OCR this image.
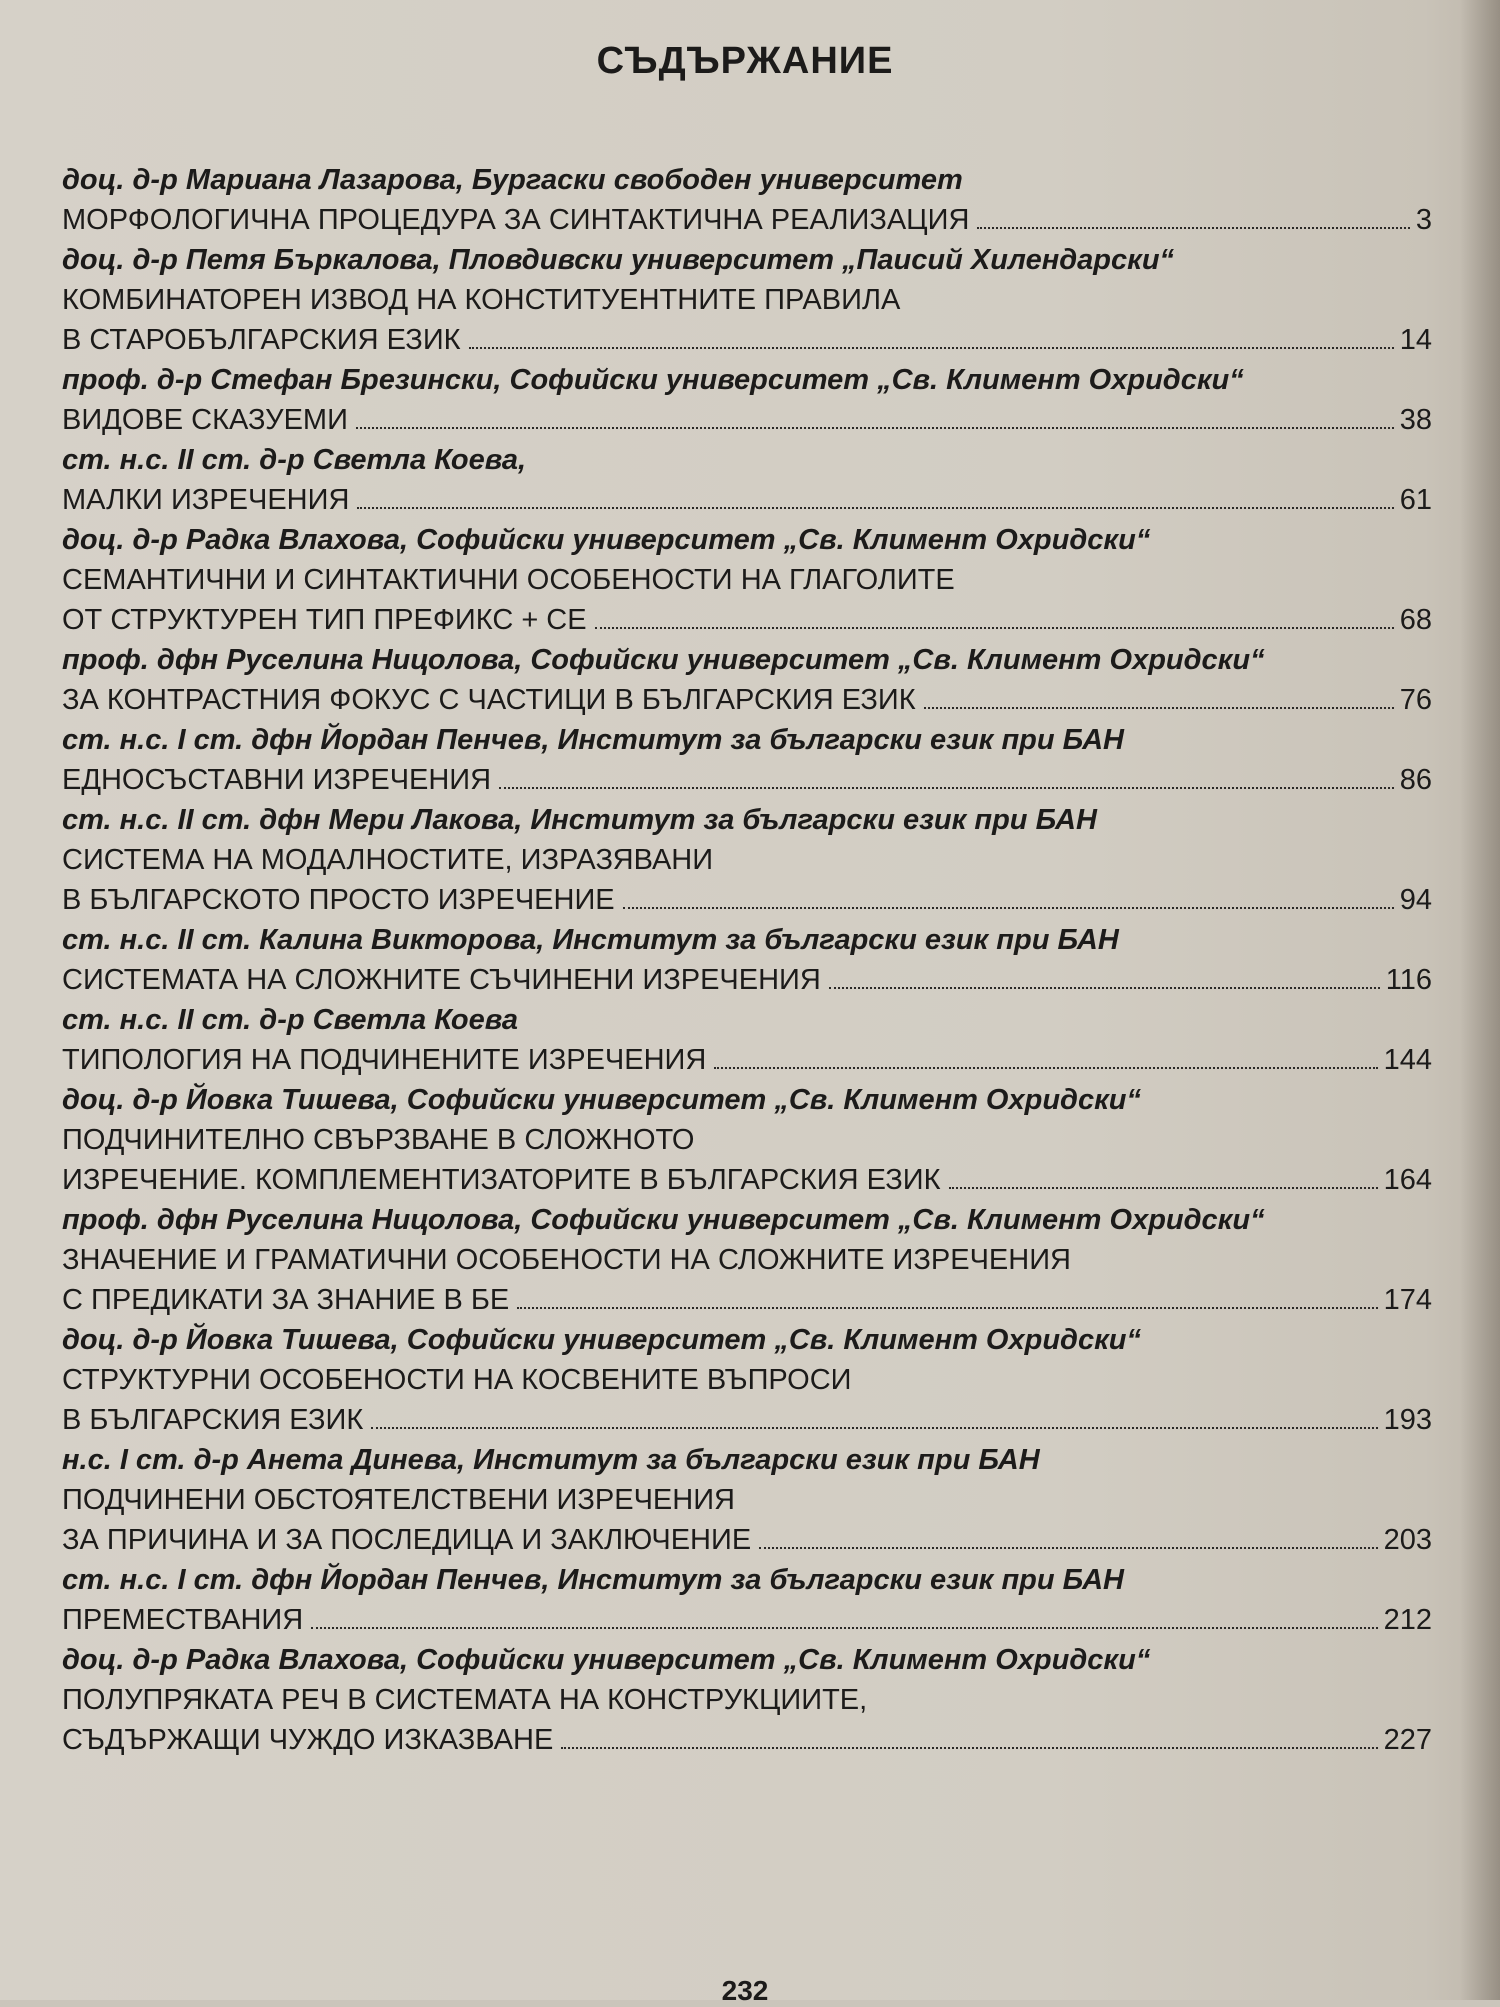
СЪДЪРЖАНИЕ
доц. д-р Мариана Лазарова, Бургаски свободен университет
МОРФОЛОГИЧНА ПРОЦЕДУРА ЗА СИНТАКТИЧНА РЕАЛИЗАЦИЯ	3
доц. д-р Петя Бъркалова, Пловдивски университет „Паисий Хилендарски“
КОМБИНАТОРЕН ИЗВОД НА КОНСТИТУЕНТНИТЕ ПРАВИЛА
В СТАРОБЪЛГАРСКИЯ ЕЗИК	14
проф. д-р Стефан Брезински, Софийски университет „Св. Климент Охридски“
ВИДОВЕ СКАЗУЕМИ	38
ст. н.с. II ст. д-р Светла Коева,
МАЛКИ ИЗРЕЧЕНИЯ	61
доц. д-р Радка Влахова, Софийски университет „Св. Климент Охридски“
СЕМАНТИЧНИ И СИНТАКТИЧНИ ОСОБЕНОСТИ НА ГЛАГОЛИТЕ
ОТ СТРУКТУРЕН ТИП ПРЕФИКС + СЕ	68
проф. дфн Руселина Ницолова, Софийски университет „Св. Климент Охридски“
ЗА КОНТРАСТНИЯ ФОКУС С ЧАСТИЦИ В БЪЛГАРСКИЯ ЕЗИК	76
ст. н.с. I ст. дфн Йордан Пенчев, Институт за български език при БАН
ЕДНОСЪСТАВНИ ИЗРЕЧЕНИЯ	86
ст. н.с. II ст. дфн Мери Лакова, Институт за български език при БАН
СИСТЕМА НА МОДАЛНОСТИТЕ, ИЗРАЗЯВАНИ
В БЪЛГАРСКОТО ПРОСТО ИЗРЕЧЕНИЕ	94
ст. н.с. II ст. Калина Викторова, Институт за български език при БАН
СИСТЕМАТА НА СЛОЖНИТЕ СЪЧИНЕНИ ИЗРЕЧЕНИЯ	116
ст. н.с. II ст. д-р Светла Коева
ТИПОЛОГИЯ НА ПОДЧИНЕНИТЕ ИЗРЕЧЕНИЯ	144
доц. д-р Йовка Тишева, Софийски университет „Св. Климент Охридски“
ПОДЧИНИТЕЛНО СВЪРЗВАНЕ В СЛОЖНОТО
ИЗРЕЧЕНИЕ. КОМПЛЕМЕНТИЗАТОРИТЕ В БЪЛГАРСКИЯ ЕЗИК	164
проф. дфн Руселина Ницолова, Софийски университет „Св. Климент Охридски“
ЗНАЧЕНИЕ И ГРАМАТИЧНИ ОСОБЕНОСТИ НА СЛОЖНИТЕ ИЗРЕЧЕНИЯ
С ПРЕДИКАТИ ЗА ЗНАНИЕ В БЕ	174
доц. д-р Йовка Тишева, Софийски университет „Св. Климент Охридски“
СТРУКТУРНИ ОСОБЕНОСТИ НА КОСВЕНИТЕ ВЪПРОСИ
В БЪЛГАРСКИЯ ЕЗИК	193
н.с. I ст. д-р Анета Динева, Институт за български език при БАН
ПОДЧИНЕНИ ОБСТОЯТЕЛСТВЕНИ ИЗРЕЧЕНИЯ
ЗА ПРИЧИНА И ЗА ПОСЛЕДИЦА И ЗАКЛЮЧЕНИЕ	203
ст. н.с. I ст. дфн Йордан Пенчев, Институт за български език при БАН
ПРЕМЕСТВАНИЯ	212
доц. д-р Радка Влахова, Софийски университет „Св. Климент Охридски“
ПОЛУПРЯКАТА РЕЧ В СИСТЕМАТА НА КОНСТРУКЦИИТЕ,
СЪДЪРЖАЩИ ЧУЖДО ИЗКАЗВАНЕ	227
232
